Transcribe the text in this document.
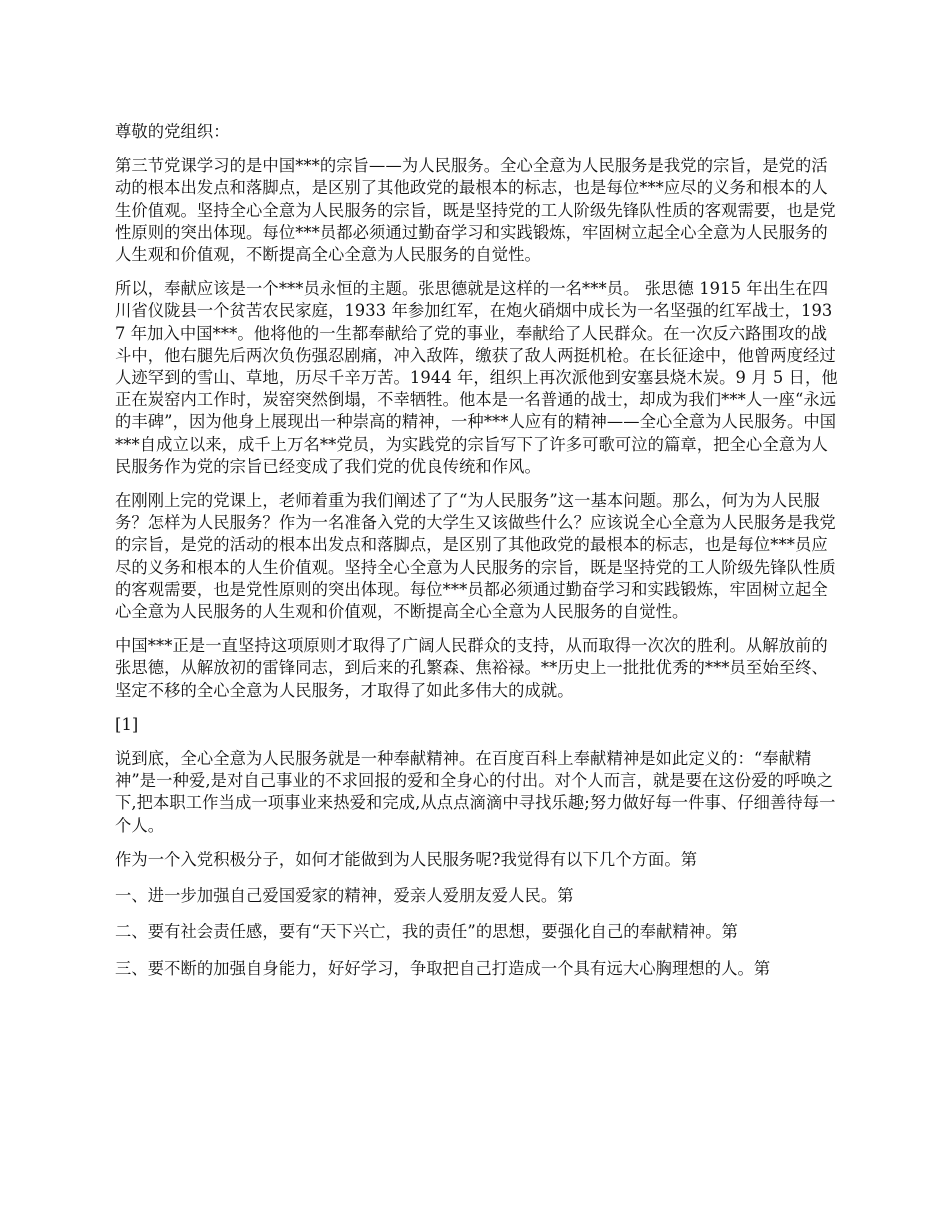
尊敬的党组织：

第三节党课学习的是中国***的宗旨——为人民服务。全心全意为人民服务是我党的宗旨，是党的活动的根本出发点和落脚点，是区别了其他政党的最根本的标志，也是每位***应尽的义务和根本的人生价值观。坚持全心全意为人民服务的宗旨，既是坚持党的工人阶级先锋队性质的客观需要，也是党性原则的突出体现。每位***员都必须通过勤奋学习和实践锻炼，牢固树立起全心全意为人民服务的人生观和价值观，不断提高全心全意为人民服务的自觉性。

所以，奉献应该是一个***员永恒的主题。张思德就是这样的一名***员。 张思德 1915 年出生在四川省仪陇县一个贫苦农民家庭，1933 年参加红军，在炮火硝烟中成长为一名坚强的红军战士，1937 年加入中国***。他将他的一生都奉献给了党的事业，奉献给了人民群众。在一次反六路围攻的战斗中，他右腿先后两次负伤强忍剧痛，冲入敌阵，缴获了敌人两挺机枪。在长征途中，他曾两度经过人迹罕到的雪山、草地，历尽千辛万苦。1944 年，组织上再次派他到安塞县烧木炭。9 月 5 日，他正在炭窑内工作时，炭窑突然倒塌，不幸牺牲。他本是一名普通的战士，却成为我们***人一座“永远的丰碑”，因为他身上展现出一种崇高的精神，一种***人应有的精神——全心全意为人民服务。中国***自成立以来，成千上万名**党员，为实践党的宗旨写下了许多可歌可泣的篇章，把全心全意为人民服务作为党的宗旨已经变成了我们党的优良传统和作风。

在刚刚上完的党课上，老师着重为我们阐述了了“为人民服务”这一基本问题。那么，何为为人民服务？怎样为人民服务？作为一名准备入党的大学生又该做些什么？应该说全心全意为人民服务是我党的宗旨，是党的活动的根本出发点和落脚点，是区别了其他政党的最根本的标志，也是每位***员应尽的义务和根本的人生价值观。坚持全心全意为人民服务的宗旨，既是坚持党的工人阶级先锋队性质的客观需要，也是党性原则的突出体现。每位***员都必须通过勤奋学习和实践锻炼，牢固树立起全心全意为人民服务的人生观和价值观，不断提高全心全意为人民服务的自觉性。

中国***正是一直坚持这项原则才取得了广阔人民群众的支持，从而取得一次次的胜利。从解放前的张思德，从解放初的雷锋同志，到后来的孔繁森、焦裕禄。**历史上一批批优秀的***员至始至终、坚定不移的全心全意为人民服务，才取得了如此多伟大的成就。

[1]

说到底，全心全意为人民服务就是一种奉献精神。在百度百科上奉献精神是如此定义的：“奉献精神”是一种爱,是对自己事业的不求回报的爱和全身心的付出。对个人而言，就是要在这份爱的呼唤之下,把本职工作当成一项事业来热爱和完成,从点点滴滴中寻找乐趣;努力做好每一件事、仔细善待每一个人。

作为一个入党积极分子，如何才能做到为人民服务呢?我觉得有以下几个方面。第

一、进一步加强自己爱国爱家的精神，爱亲人爱朋友爱人民。第

二、要有社会责任感，要有“天下兴亡，我的责任”的思想，要强化自己的奉献精神。第

三、要不断的加强自身能力，好好学习，争取把自己打造成一个具有远大心胸理想的人。第
